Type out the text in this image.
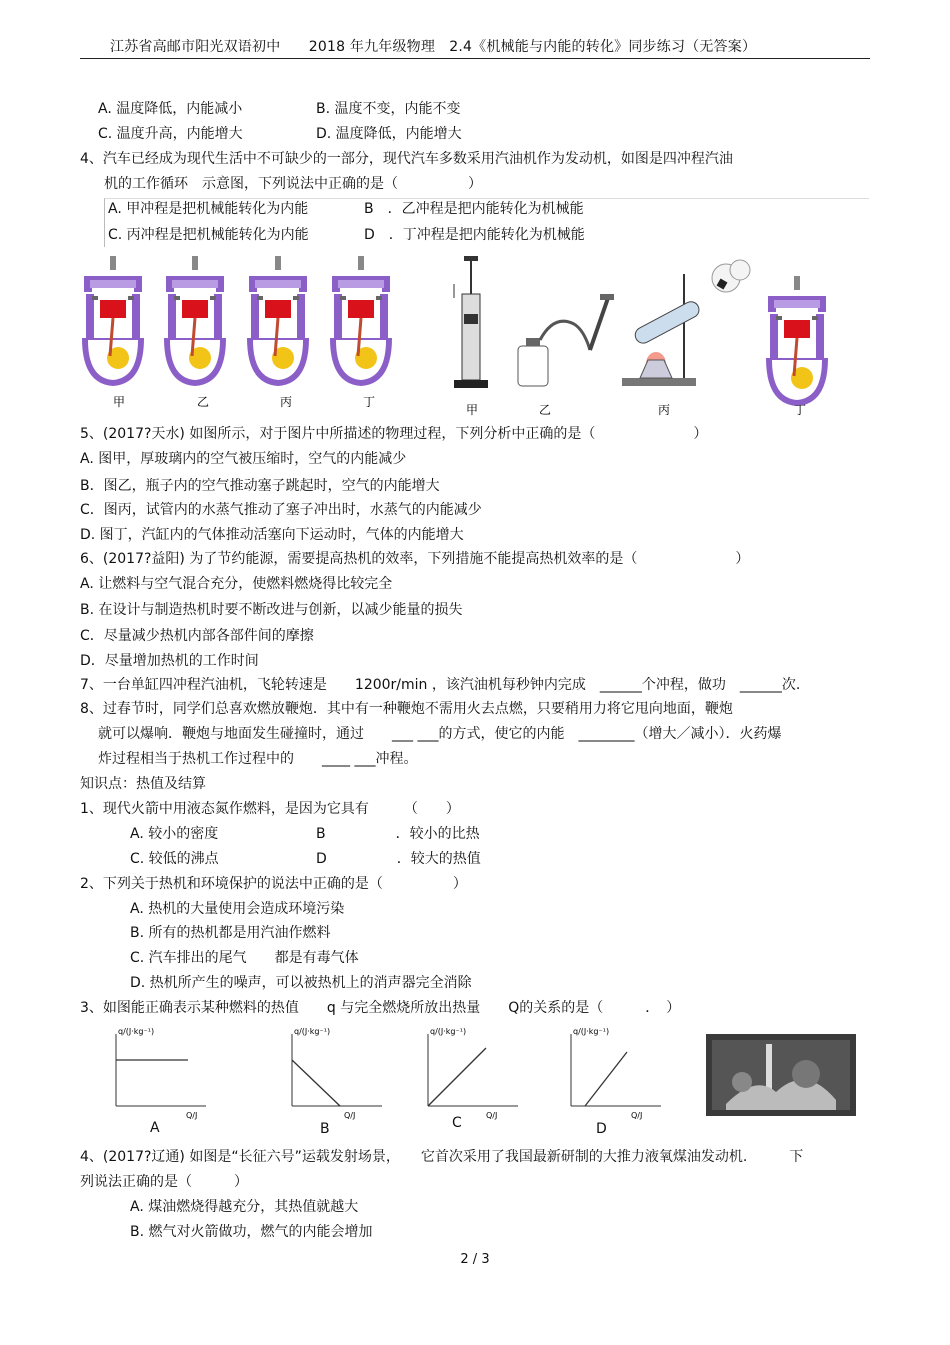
江苏省高邮市阳光双语初中　　2018 年九年级物理　2.4《机械能与内能的转化》同步练习（无答案）
A. 温度降低，内能减小	B. 温度不变，内能不变
C. 温度升高，内能增大	D. 温度降低，内能增大
4、汽车已经成为现代生活中不可缺少的一部分，现代汽车多数采用汽油机作为发动机，如图是四冲程汽油
机的工作循环　示意图，下列说法中正确的是（　　　　　）
A. 甲冲程是把机械能转化为内能	B　．乙冲程是把内能转化为机械能
C. 丙冲程是把机械能转化为内能	D　．丁冲程是把内能转化为机械能
甲	乙	丙	丁
甲	乙	丙	丁
5、(2017?天水) 如图所示，对于图片中所描述的物理过程，下列分析中正确的是（　　　　　　　）
A. 图甲，厚玻璃内的空气被压缩时，空气的内能减少
B．图乙，瓶子内的空气推动塞子跳起时，空气的内能增大
C．图丙，试管内的水蒸气推动了塞子冲出时，水蒸气的内能减少
D. 图丁，汽缸内的气体推动活塞向下运动时，气体的内能增大
6、(2017?益阳) 为了节约能源，需要提高热机的效率，下列措施不能提高热机效率的是（　　　　　　　）
A. 让燃料与空气混合充分，使燃料燃烧得比较完全
B. 在设计与制造热机时要不断改进与创新，以减少能量的损失
C．尽量减少热机内部各部件间的摩擦
D．尽量增加热机的工作时间
7、一台单缸四冲程汽油机，飞轮转速是　　1200r/min ，该汽油机每秒钟内完成　______个冲程，做功　______次.
8、过春节时，同学们总喜欢燃放鞭炮．其中有一种鞭炮不需用火去点燃，只要稍用力将它甩向地面，鞭炮
就可以爆响．鞭炮与地面发生碰撞时，通过　　___ ___的方式，使它的内能　________（增大／减小）．火药爆
炸过程相当于热机工作过程中的　　____ ___冲程。
知识点：热值及结算
1、现代火箭中用液态氮作燃料，是因为它具有　　　（　　）
A. 较小的密度	B　　　　　．较小的比热
C. 较低的沸点	D　　　　　．较大的热值
2、下列关于热机和环境保护的说法中正确的是（　　　　　）
A. 热机的大量使用会造成环境污染
B. 所有的热机都是用汽油作燃料
C. 汽车排出的尾气　　都是有毒气体
D. 热机所产生的噪声，可以被热机上的消声器完全消除
3、如图能正确表示某种燃料的热值　　q 与完全燃烧所放出热量　　Q的关系的是（　　　．　）
q/(J·kg⁻¹)
Q/J
q/(J·kg⁻¹)
Q/J
q/(J·kg⁻¹)
Q/J
q/(J·kg⁻¹)
Q/J
A	B	C	D
4、(2017?辽通) 如图是“长征六号”运载发射场景，　　它首次采用了我国最新研制的大推力液氧煤油发动机.　　　下
列说法正确的是（　　　）
A. 煤油燃烧得越充分，其热值就越大
B. 燃气对火箭做功，燃气的内能会增加
2 / 3
